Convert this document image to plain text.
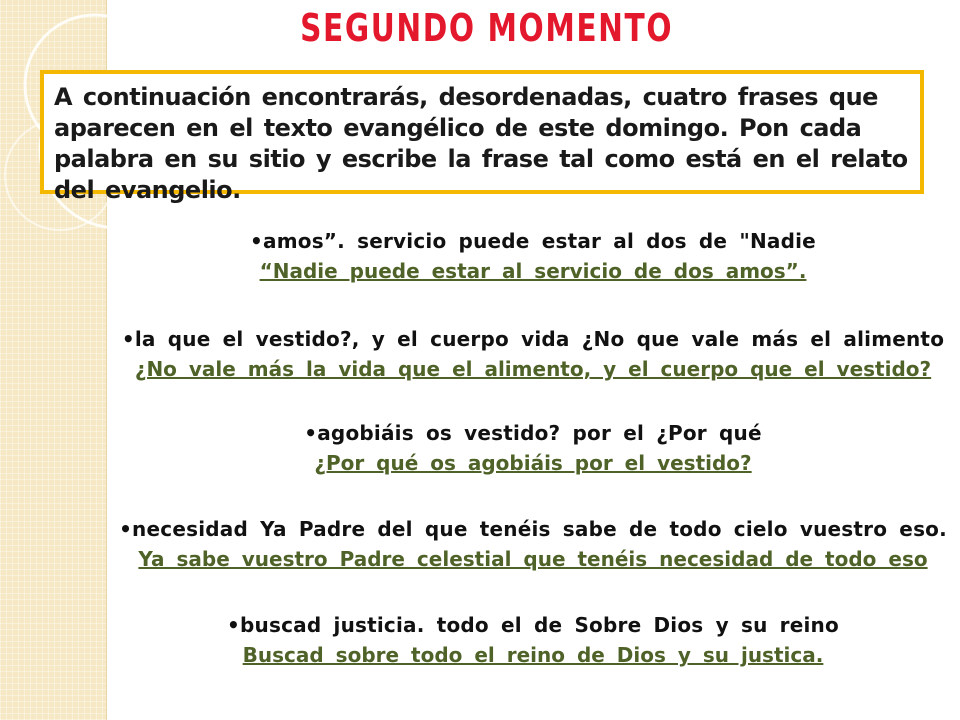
SEGUNDO MOMENTO

A continuación encontrarás, desordenadas, cuatro frases que aparecen en el texto evangélico de este domingo. Pon cada palabra en su sitio y escribe la frase tal como está en el relato del evangelio.

•amos”. servicio puede estar al dos de "Nadie
“Nadie puede estar al servicio de dos amos”.
•la que el vestido?, y el cuerpo vida ¿No que vale más el alimento
¿No vale más la vida que el alimento, y el cuerpo que el vestido?
•agobiáis os vestido? por el ¿Por qué
¿Por qué os agobiáis por el vestido?
•necesidad Ya Padre del que tenéis sabe de todo cielo vuestro eso.
Ya sabe vuestro Padre celestial que tenéis necesidad de todo eso
•buscad justicia. todo el de Sobre Dios y su reino
Buscad sobre todo el reino de Dios y su justica.
